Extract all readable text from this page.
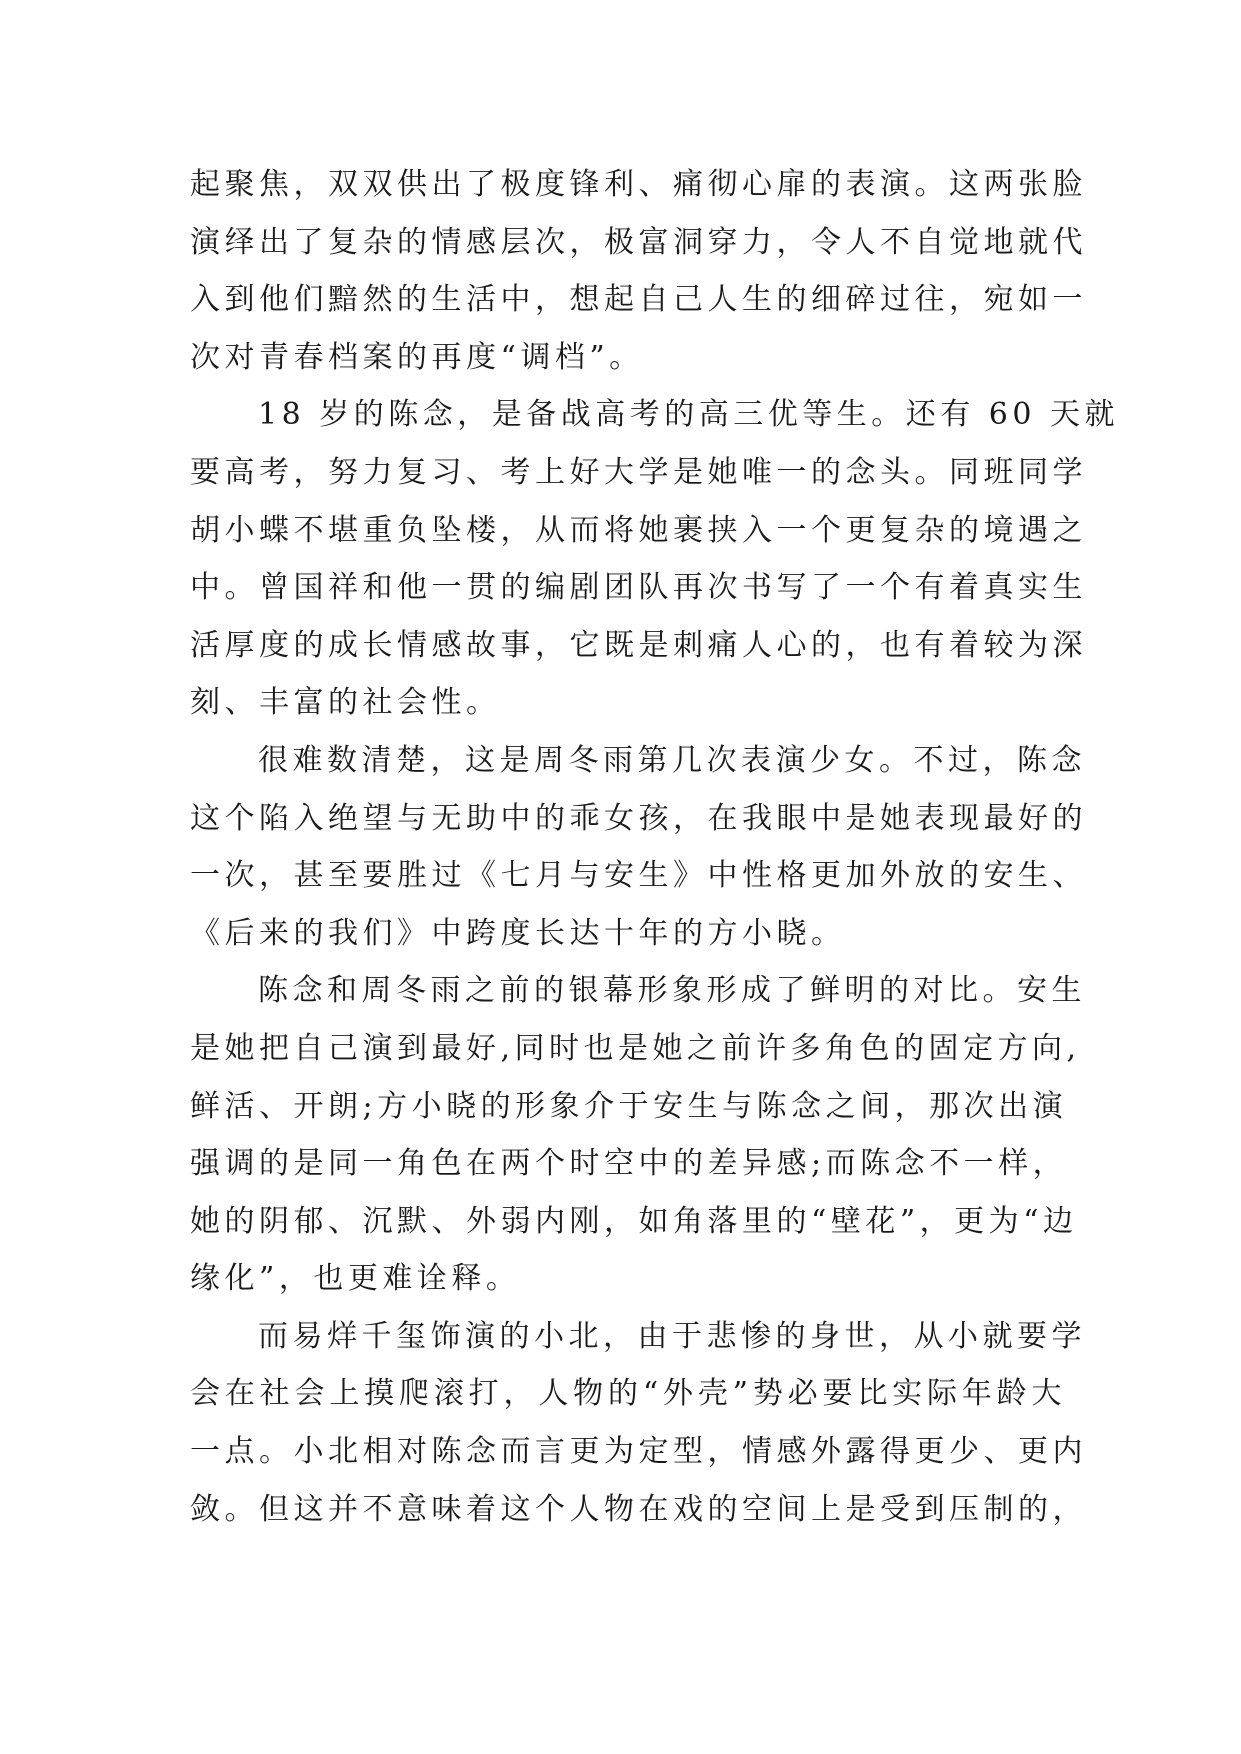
起聚焦，双双供出了极度锋利、痛彻心扉的表演。这两张脸
演绎出了复杂的情感层次，极富洞穿力，令人不自觉地就代
入到他们黯然的生活中，想起自己人生的细碎过往，宛如一
次对青春档案的再度“调档”。
18 岁的陈念，是备战高考的高三优等生。还有 60 天就
要高考，努力复习、考上好大学是她唯一的念头。同班同学
胡小蝶不堪重负坠楼，从而将她裹挟入一个更复杂的境遇之
中。曾国祥和他一贯的编剧团队再次书写了一个有着真实生
活厚度的成长情感故事，它既是刺痛人心的，也有着较为深
刻、丰富的社会性。
很难数清楚，这是周冬雨第几次表演少女。不过，陈念
这个陷入绝望与无助中的乖女孩，在我眼中是她表现最好的
一次，甚至要胜过《七月与安生》中性格更加外放的安生、
《后来的我们》中跨度长达十年的方小晓。
陈念和周冬雨之前的银幕形象形成了鲜明的对比。安生
是她把自己演到最好,同时也是她之前许多角色的固定方向,
鲜活、开朗;方小晓的形象介于安生与陈念之间，那次出演
强调的是同一角色在两个时空中的差异感;而陈念不一样，
她的阴郁、沉默、外弱内刚，如角落里的“壁花”，更为“边
缘化”，也更难诠释。
而易烊千玺饰演的小北，由于悲惨的身世，从小就要学
会在社会上摸爬滚打，人物的“外壳”势必要比实际年龄大
一点。小北相对陈念而言更为定型，情感外露得更少、更内
敛。但这并不意味着这个人物在戏的空间上是受到压制的，
